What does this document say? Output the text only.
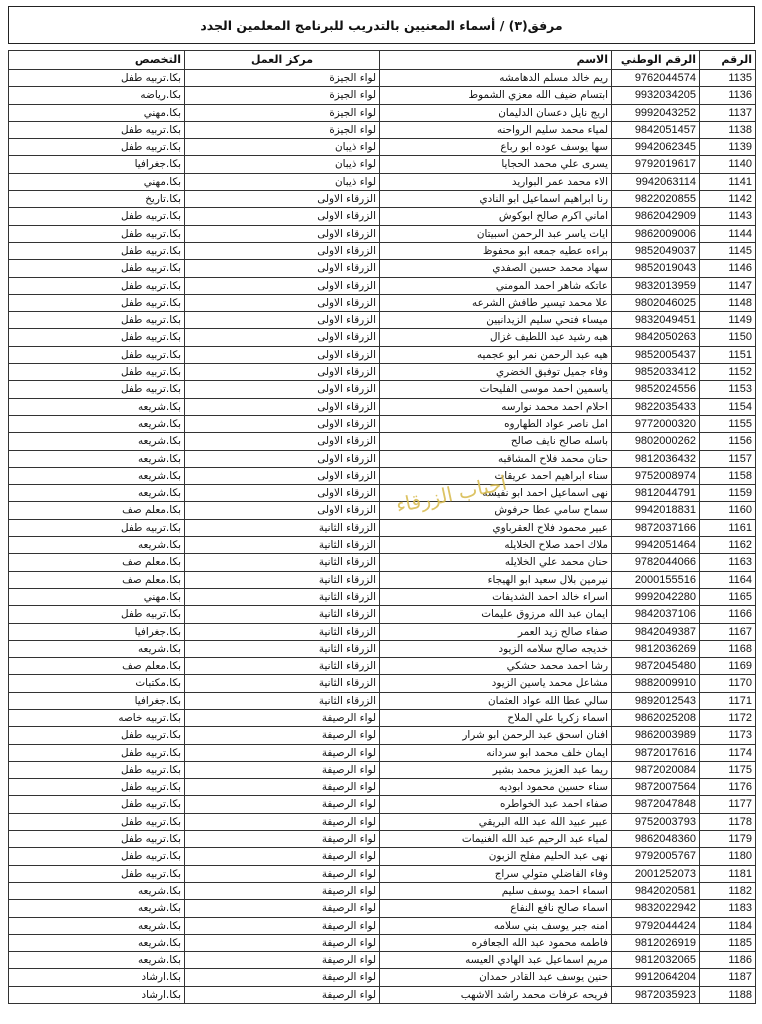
مرفق(٣) / أسماء المعنيين بالتدريب للبرنامج المعلمين الجدد
التخصص	مركز العمل	الاسم	الرقم الوطني	الرقم
بكا.تربيه طفل	لواء الجيزة	ريم خالد مسلم الدهامشه	9762044574	1135
بكا.رياضه	لواء الجيزة	ابتسام ضيف الله معزي الشموط	9932034205	1136
بكا.مهني	لواء الجيزة	اريج نايل دعسان الدليمان	9992043252	1137
بكا.تربيه طفل	لواء الجيزة	لمياء محمد سليم الرواحنه	9842051457	1138
بكا.تربيه طفل	لواء ذيبان	سها يوسف عوده ابو رباع	9942062345	1139
بكا.جغرافيا	لواء ذيبان	يسرى علي محمد الحجايا	9792019617	1140
بكا.مهني	لواء ذيبان	الاء محمد عمر البواريد	9942063114	1141
بكا.تاريخ	الزرقاء الاولى	رنا ابراهيم اسماعيل ابو النادي	9822020855	1142
بكا.تربيه طفل	الزرقاء الاولى	اماني اكرم صالح ابوكوش	9862042909	1143
بكا.تربيه طفل	الزرقاء الاولى	ايات ياسر عبد الرحمن اسبيتان	9862009006	1144
بكا.تربيه طفل	الزرقاء الاولى	براءه عطيه جمعه ابو محفوظ	9852049037	1145
بكا.تربيه طفل	الزرقاء الاولى	سهاد محمد حسين الصفدي	9852019043	1146
بكا.تربيه طفل	الزرقاء الاولى	عاتكه شاهر احمد المومني	9832013959	1147
بكا.تربيه طفل	الزرقاء الاولى	علا محمد تيسير طافش الشرعه	9802046025	1148
بكا.تربيه طفل	الزرقاء الاولى	ميساء فتحي سليم الزيدانيين	9832049451	1149
بكا.تربيه طفل	الزرقاء الاولى	هبه رشيد عبد اللطيف غزال	9842050263	1150
بكا.تربيه طفل	الزرقاء الاولى	هيه عبد الرحمن نمر ابو عجميه	9852005437	1151
بكا.تربيه طفل	الزرقاء الاولى	وفاء جميل توفيق الخضري	9852033412	1152
بكا.تربيه طفل	الزرقاء الاولى	ياسمين احمد موسى الفليحات	9852024556	1153
بكا.شريعه	الزرقاء الاولى	احلام احمد محمد نوارسه	9822035433	1154
بكا.شريعه	الزرقاء الاولى	امل ناصر عواد الطهاروه	9772000320	1155
بكا.شريعه	الزرقاء الاولى	باسله صالح نايف صالح	9802000262	1156
بكا.شريعه	الزرقاء الاولى	حنان محمد فلاح المشاقبه	9812036432	1157
بكا.شريعه	الزرقاء الاولى	سناء ابراهيم احمد عريقات	9752008974	1158
بكا.شريعه	الزرقاء الاولى	نهى اسماعيل احمد ابو نفيسه	9812044791	1159
بكا.معلم صف	الزرقاء الاولى	سماح سامي عطا حرفوش	9942018831	1160
بكا.تربيه طفل	الزرقاء الثانية	عبير محمود فلاح العقرباوي	9872037166	1161
بكا.شريعه	الزرقاء الثانية	ملاك احمد صلاح الخلايله	9942051464	1162
بكا.معلم صف	الزرقاء الثانية	حنان محمد علي الخلايله	9782044066	1163
بكا.معلم صف	الزرقاء الثانية	نيرمين بلال سعيد ابو الهيجاء	2000155516	1164
بكا.مهني	الزرقاء الثانية	اسراء خالد احمد الشديفات	9992042280	1165
بكا.تربيه طفل	الزرقاء الثانية	ايمان عبد الله مرزوق عليمات	9842037106	1166
بكا.جغرافيا	الزرقاء الثانية	صفاء صالح زيد العمر	9842049387	1167
بكا.شريعه	الزرقاء الثانية	خديجه صالح سلامه الزيود	9812036269	1168
بكا.معلم صف	الزرقاء الثانية	رشا احمد محمد حشكي	9872045480	1169
بكا.مكتبات	الزرقاء الثانية	مشاعل محمد ياسين الزيود	9882009910	1170
بكا.جغرافيا	الزرقاء الثانية	سالي عطا الله عواد العثمان	9892012543	1171
بكا.تربيه خاصه	لواء الرصيفة	اسماء زكريا علي الملاح	9862025208	1172
بكا.تربيه طفل	لواء الرصيفة	افنان اسحق عبد الرحمن ابو شرار	9862003989	1173
بكا.تربيه طفل	لواء الرصيفة	ايمان خلف محمد ابو سردانه	9872017616	1174
بكا.تربيه طفل	لواء الرصيفة	ريما عبد العزيز محمد بشير	9872020084	1175
بكا.تربيه طفل	لواء الرصيفة	سناء حسين محمود ابوديه	9872007564	1176
بكا.تربيه طفل	لواء الرصيفة	صفاء احمد عبد الخواطره	9872047848	1177
بكا.تربيه طفل	لواء الرصيفة	عبير عبيد الله عبد الله البريقي	9752003793	1178
بكا.تربيه طفل	لواء الرصيفة	لمياء عبد الرحيم عبد الله الغنيمات	9862048360	1179
بكا.تربيه طفل	لواء الرصيفة	نهى عبد الحليم مفلح الزبون	9792005767	1180
بكا.تربيه طفل	لواء الرصيفة	وفاء الفاضلي متولي سراج	2001252073	1181
بكا.شريعه	لواء الرصيفة	اسماء احمد يوسف سليم	9842020581	1182
بكا.شريعه	لواء الرصيفة	اسماء صالح نافع النفاع	9832022942	1183
بكا.شريعه	لواء الرصيفة	امنه جبر يوسف بني سلامه	9792044424	1184
بكا.شريعه	لواء الرصيفة	فاطمه محمود عبد الله الجعافره	9812026919	1185
بكا.شريعه	لواء الرصيفة	مريم اسماعيل عبد الهادي العيسه	9812032065	1186
بكا.ارشاد	لواء الرصيفة	حنين يوسف عبد القادر حمدان	9912064204	1187
بكا.ارشاد	لواء الرصيفة	فريحه عرفات محمد راشد الاشهب	9872035923	1188
احباب الزرقاء
